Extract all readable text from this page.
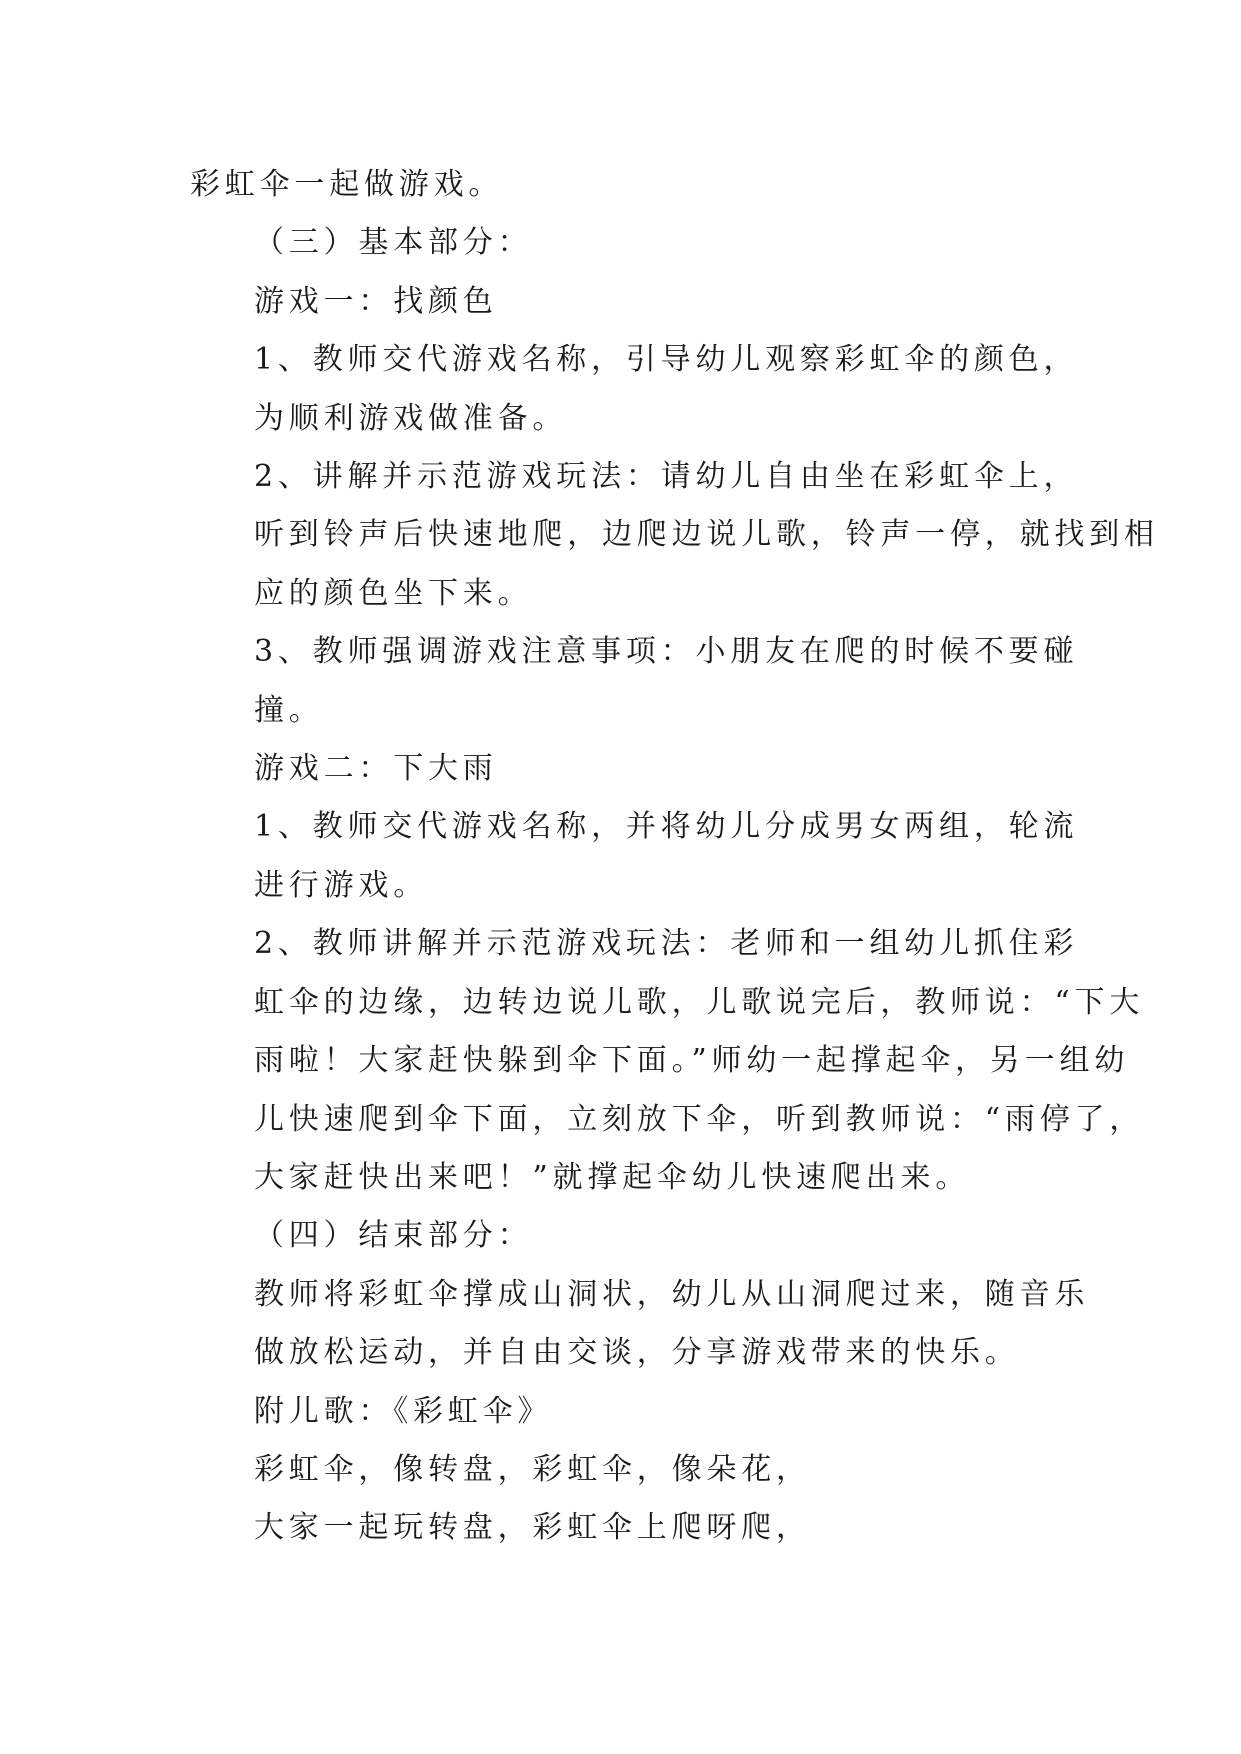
彩虹伞一起做游戏。

（三）基本部分：

游戏一：找颜色

1、教师交代游戏名称，引导幼儿观察彩虹伞的颜色，
为顺利游戏做准备。

2、讲解并示范游戏玩法：请幼儿自由坐在彩虹伞上，
听到铃声后快速地爬，边爬边说儿歌，铃声一停，就找到相
应的颜色坐下来。

3、教师强调游戏注意事项：小朋友在爬的时候不要碰
撞。

游戏二：下大雨

1、教师交代游戏名称，并将幼儿分成男女两组，轮流
进行游戏。

2、教师讲解并示范游戏玩法：老师和一组幼儿抓住彩
虹伞的边缘，边转边说儿歌，儿歌说完后，教师说：“下大
雨啦！大家赶快躲到伞下面。”师幼一起撑起伞，另一组幼
儿快速爬到伞下面，立刻放下伞，听到教师说：“雨停了，
大家赶快出来吧！”就撑起伞幼儿快速爬出来。

（四）结束部分：

教师将彩虹伞撑成山洞状，幼儿从山洞爬过来，随音乐
做放松运动，并自由交谈，分享游戏带来的快乐。

附儿歌：《彩虹伞》

彩虹伞，像转盘，彩虹伞，像朵花，

大家一起玩转盘，彩虹伞上爬呀爬，
